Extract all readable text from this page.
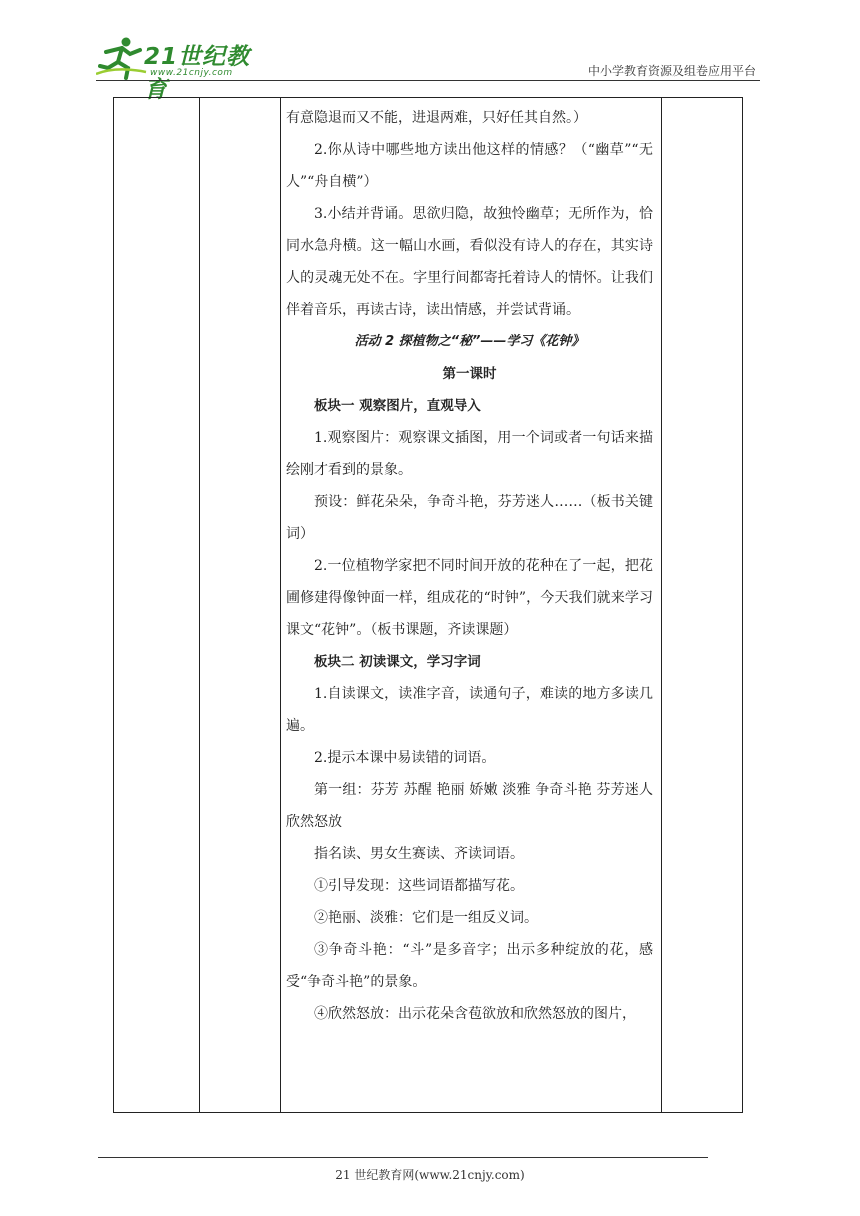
21世纪教育
www.21cnjy.com	中小学教育资源及组卷应用平台

有意隐退而又不能，进退两难，只好任其自然。）

2.你从诗中哪些地方读出他这样的情感？（“幽草”“无人”“舟自横”）

3.小结并背诵。思欲归隐，故独怜幽草；无所作为，恰同水急舟横。这一幅山水画，看似没有诗人的存在，其实诗人的灵魂无处不在。字里行间都寄托着诗人的情怀。让我们伴着音乐，再读古诗，读出情感，并尝试背诵。

活动 2 探植物之“秘”——学习《花钟》

第一课时

板块一 观察图片，直观导入

1.观察图片：观察课文插图，用一个词或者一句话来描绘刚才看到的景象。

预设：鲜花朵朵，争奇斗艳，芬芳迷人……（板书关键词）

2.一位植物学家把不同时间开放的花种在了一起，把花圃修建得像钟面一样，组成花的“时钟”，今天我们就来学习课文“花钟”。（板书课题，齐读课题）

板块二 初读课文，学习字词

1.自读课文，读准字音，读通句子，难读的地方多读几遍。

2.提示本课中易读错的词语。

第一组：芬芳 苏醒 艳丽 娇嫩 淡雅 争奇斗艳 芬芳迷人 欣然怒放

指名读、男女生赛读、齐读词语。

①引导发现：这些词语都描写花。

②艳丽、淡雅：它们是一组反义词。

③争奇斗艳：“斗”是多音字；出示多种绽放的花，感受“争奇斗艳”的景象。

④欣然怒放：出示花朵含苞欲放和欣然怒放的图片，

21 世纪教育网(www.21cnjy.com)
